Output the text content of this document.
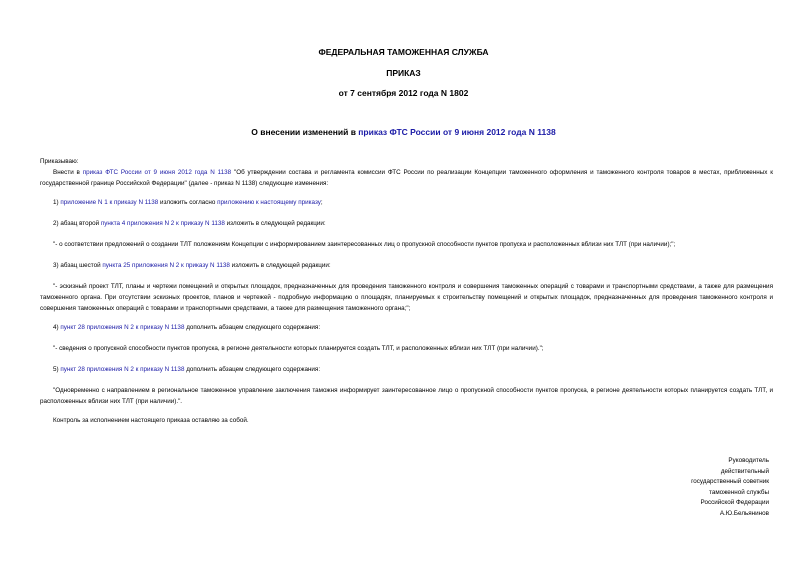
ФЕДЕРАЛЬНАЯ ТАМОЖЕННАЯ СЛУЖБА
ПРИКАЗ
от 7 сентября 2012 года N 1802
О внесении изменений в приказ ФТС России от 9 июня 2012 года N 1138
Приказываю:
Внести в приказ ФТС России от 9 июня 2012 года N 1138 "Об утверждении состава и регламента комиссии ФТС России по реализации Концепции таможенного оформления и таможенного контроля товаров в местах, приближенных к государственной границе Российской Федерации" (далее - приказ N 1138) следующие изменения:
1) приложение N 1 к приказу N 1138 изложить согласно приложению к настоящему приказу;
2) абзац второй пункта 4 приложения N 2 к приказу N 1138 изложить в следующей редакции:
"- о соответствии предложений о создании ТЛТ положениям Концепции с информированием заинтересованных лиц о пропускной способности пунктов пропуска и расположенных вблизи них ТЛТ (при наличии);";
3) абзац шестой пункта 25 приложения N 2 к приказу N 1138 изложить в следующей редакции:
"- эскизный проект ТЛТ, планы и чертежи помещений и открытых площадок, предназначенных для проведения таможенного контроля и совершения таможенных операций с товарами и транспортными средствами, а также для размещения таможенного органа. При отсутствии эскизных проектов, планов и чертежей - подробную информацию о площадях, планируемых к строительству помещений и открытых площадок, предназначенных для проведения таможенного контроля и совершения таможенных операций с товарами и транспортными средствами, а также для размещения таможенного органа;";
4) пункт 28 приложения N 2 к приказу N 1138 дополнить абзацем следующего содержания:
"- сведения о пропускной способности пунктов пропуска, в регионе деятельности которых планируется создать ТЛТ, и расположенных вблизи них ТЛТ (при наличии).";
5) пункт 28 приложения N 2 к приказу N 1138 дополнить абзацем следующего содержания:
"Одновременно с направлением в региональное таможенное управление заключения таможня информирует заинтересованное лицо о пропускной способности пунктов пропуска, в регионе деятельности которых планируется создать ТЛТ, и расположенных вблизи них ТЛТ (при наличии).".
Контроль за исполнением настоящего приказа оставляю за собой.
Руководитель
действительный
государственный советник
таможенной службы
Российской Федерации
А.Ю.Бельянинов
